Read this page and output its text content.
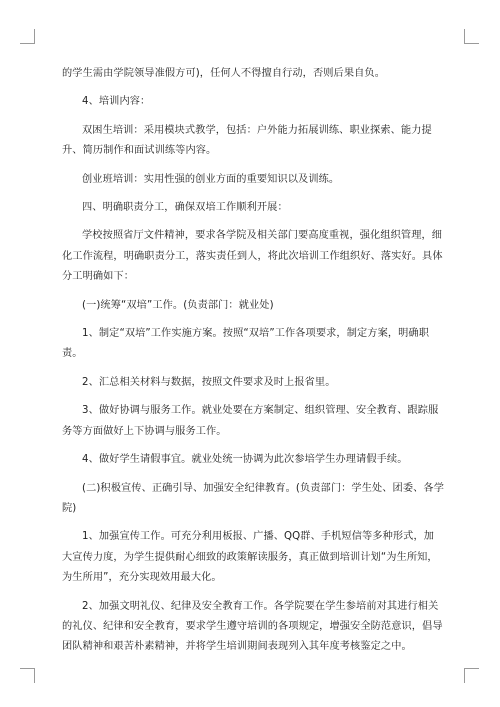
的学生需由学院领导准假方可)，任何人不得擅自行动，否则后果自负。

4、培训内容：

双困生培训：采用模块式教学，包括：户外能力拓展训练、职业探索、能力提升、简历制作和面试训练等内容。

创业班培训：实用性强的创业方面的重要知识以及训练。

四、明确职责分工，确保双培工作顺利开展：

学校按照省厅文件精神，要求各学院及相关部门要高度重视，强化组织管理，细化工作流程，明确职责分工，落实责任到人，将此次培训工作组织好、落实好。具体分工明确如下：

(一)统筹“双培”工作。(负责部门：就业处)

1、制定“双培”工作实施方案。按照“双培”工作各项要求，制定方案，明确职责。

2、汇总相关材料与数据，按照文件要求及时上报省里。

3、做好协调与服务工作。就业处要在方案制定、组织管理、安全教育、跟踪服务等方面做好上下协调与服务工作。

4、做好学生请假事宜。就业处统一协调为此次参培学生办理请假手续。

(二)积极宣传、正确引导、加强安全纪律教育。(负责部门：学生处、团委、各学院)

1、加强宣传工作。可充分利用板报、广播、QQ群、手机短信等多种形式，加大宣传力度，为学生提供耐心细致的政策解读服务，真正做到培训计划“为生所知，为生所用”，充分实现效用最大化。

2、加强文明礼仪、纪律及安全教育工作。各学院要在学生参培前对其进行相关的礼仪、纪律和安全教育，要求学生遵守培训的各项规定，增强安全防范意识，倡导团队精神和艰苦朴素精神，并将学生培训期间表现列入其年度考核鉴定之中。
